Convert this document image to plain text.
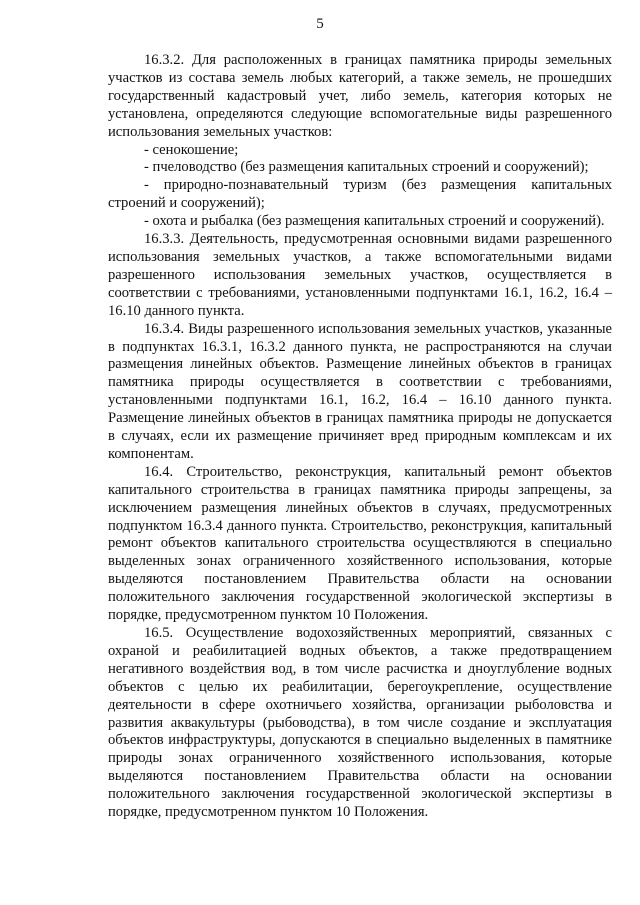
5

16.3.2. Для расположенных в границах памятника природы земельных участков из состава земель любых категорий, а также земель, не прошедших государственный кадастровый учет, либо земель, категория которых не установлена, определяются следующие вспомогательные виды разрешенного использования земельных участков:

- сенокошение;

- пчеловодство (без размещения капитальных строений и сооружений);

- природно-познавательный туризм (без размещения капитальных строений и сооружений);

- охота и рыбалка (без размещения капитальных строений и сооружений).

16.3.3. Деятельность, предусмотренная основными видами разрешенного использования земельных участков, а также вспомогательными видами разрешенного использования земельных участков, осуществляется в соответствии с требованиями, установленными подпунктами 16.1, 16.2, 16.4 – 16.10 данного пункта.

16.3.4. Виды разрешенного использования земельных участков, указанные в подпунктах 16.3.1, 16.3.2 данного пункта, не распространяются на случаи размещения линейных объектов. Размещение линейных объектов в границах памятника природы осуществляется в соответствии с требованиями, установленными подпунктами 16.1, 16.2, 16.4 – 16.10 данного пункта. Размещение линейных объектов в границах памятника природы не допускается в случаях, если их размещение причиняет вред природным комплексам и их компонентам.

16.4. Строительство, реконструкция, капитальный ремонт объектов капитального строительства в границах памятника природы запрещены, за исключением размещения линейных объектов в случаях, предусмотренных подпунктом 16.3.4 данного пункта. Строительство, реконструкция, капитальный ремонт объектов капитального строительства осуществляются в специально выделенных зонах ограниченного хозяйственного использования, которые выделяются постановлением Правительства области на основании положительного заключения государственной экологической экспертизы в порядке, предусмотренном пунктом 10 Положения.

16.5. Осуществление водохозяйственных мероприятий, связанных с охраной и реабилитацией водных объектов, а также предотвращением негативного воздействия вод, в том числе расчистка и дноуглубление водных объектов с целью их реабилитации, берегоукрепление, осуществление деятельности в сфере охотничьего хозяйства, организации рыболовства и развития аквакультуры (рыбоводства), в том числе создание и эксплуатация объектов инфраструктуры, допускаются в специально выделенных в памятнике природы зонах ограниченного хозяйственного использования, которые выделяются постановлением Правительства области на основании положительного заключения государственной экологической экспертизы в порядке, предусмотренном пунктом 10 Положения.
